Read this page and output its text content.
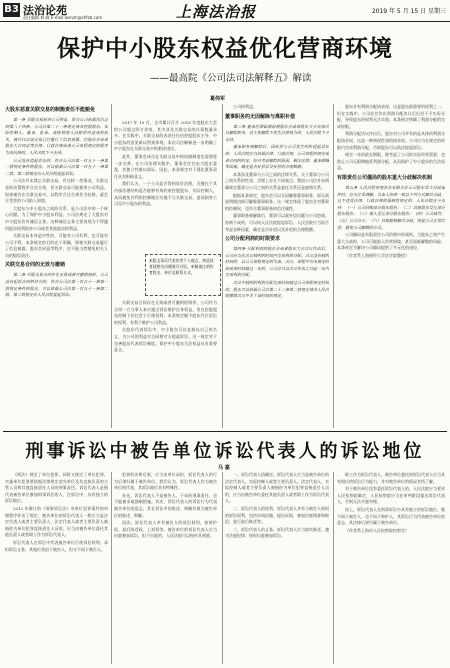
B3 法治论苑
责任编辑 林 嵘 E-mail:wenzh@shfzb.com	上海法治报	2019 年 5 月 15 日 星期三
保护中小股东权益优化营商环境
——最高院《公司法司法解释五》解读
葛伟军
大股东恶意关联交易的制衡责任不能豁免

第一条 关联交易损害公司利益，原告公司依据民法总则第八十四条、公司法第二十一条规定请求控股股东、实际控制人、董事、监事、高级管理人员赔偿所造成的损失，被告仅以该交易已经履行了信息披露、经股东会或者股东大会同意等法律、行政法规或者公司章程规定的程序为由抗辩的，人民法院不予支持。

公司没有提起诉讼的，符合公司法第一百五十一条第一款规定条件的股东，可以依据公司法第一百五十一条第二款、第三款规定向人民法院提起诉讼。

公司法并未禁止关联交易。有这样一类情况，关联交易的决策程序合法合规，但关联交易可能损害公司利益。如果被告在关联交易中，以程序合法合规作为抗辩，就会让受害的公司陷入困境。

大股东与中小股东之间的关系，是公司法中的一个核心问题。为了保护中小股东利益，公司法规定了大股东对中小股东负有诚信义务，这种诚信义务主要表现为不得滥用股东权利损害公司或者其他股东的利益。

关联交易本身是中性的，可能对公司有利，也可能对公司不利。本条规定的目的在于明确，即使关联交易履行了信息披露、股东会同意等程序，也不能当然豁免相关人员的赔偿责任。

关联交易合同的无效与撤销

第二条 关联交易合同存在无效或者可撤销情形，公司没有起诉合同相对方的，符合公司法第一百五十一条第一款规定条件的股东，可以依据公司法第一百五十一条第二款、第三款规定向人民法院提起诉讼。

2017 年 10 月，全市累计召开 2018 年度股东大会的公司超过四万余家，其中涉及关联交易的议案数量众多。在实践中，关联交易的表决往往由控股股东主导，中小股东的意见难以得到体现。本次司法解释进一步明确了中小股东在关联交易中的救济途径。

此外，董事会成员在关联交易中的回避制度也需要进一步完善。在公司治理实践中，董事会往往由大股东委派，其独立性难以保证。因此，本条规定对于强化董事责任具有积极意义。

我们认为，一个公司是否得到良好治理，关键在于其内部治理结构是否能够有效约束控股股东、实际控制人，从而避免其利用控制地位实施不当关联交易，进而损害公司及中小股东的利益。

本版文章仅代表作者个人观点，欢迎读者就相关问题展开讨论。来稿请注明作者姓名、单位及联系方式。

关联交易合同存在无效或者可撤销的情形，公司作为合同一方当事人本应通过诉讼维护自身权益，但在控股股东控制下往往怠于行使权利。本条规定赋予股东代位诉讼的权利，有利于维护公司利益。

在股东代表诉讼中，中小股东可以直接以自己的名义，为公司的利益对合同相对方提起诉讼。这一规定对于完善股东代表诉讼制度、保护中小股东合法权益具有重要意义。

公司的利益。

董事职务的无因解除与离职补偿

第三条 董事任期届满前被股东会或者股东大会有效决议解除职务，其主张解除不发生法律效力的，人民法院不予支持。

董事职务被解除后，因补偿与公司发生纠纷提起诉讼的，人民法院应当依据法律、行政法规、公司章程的规定或者合同的约定，综合考虑解除的原因、剩余任期、董事薪酬等因素，确定是否补偿以及补偿的合理数额。

本条涉及董事与公司之间的法律关系。关于董事与公司之间关系的性质，学理上存在不同观点。我国公司法并未明确规定董事与公司之间的关系是委任关系还是雇佣关系。

根据本条规定，股东会可以无因解除董事职务，即无需说明理由即可解除董事职务。这一规定体现了股东会对董事的控制权，也符合董事职务的信任属性。

董事职务被解除后，董事可以就补偿问题与公司协商，协商不成的，可以向人民法院提起诉讼。人民法院应当综合考虑各种因素，确定是否补偿以及补偿的合理数额。

公司分配利润的时限要求

第四条 分配利润的股东会或者股东大会决议作出后，公司应当在决议载明的时间内完成利润分配。决议没有载明时间的，以公司章程规定的为准。决议、章程中均未规定时间或者时间超过一年的，公司应当自决议作出之日起一年内完成利润分配。

决议中载明的利润分配完成时间超过公司章程规定时间的，股东可以依据公司法第二十二条第二款规定请求人民法院撤销决议中关于该时间的规定。

股东享有利润分配请求权，这是股东最重要的权利之一。但在实践中，公司往往作出利润分配决议后迟迟不予实际分配，导致股东的权利无法实现。本条规定明确了利润分配的完成时限。

利润分配决议作出后，股东对公司享有的是具体的利润分配请求权，这是一种债权性质的请求权。公司应当在规定的时限内完成利润分配，否则股东可以依法提起诉讼。

规定一年的最长期限，既考虑了公司的实际经营需要，也防止公司无限期拖延利润分配，从而保护了中小股东的合法权益。

有限责任公司僵局的股东重大分歧解决机制

第五条 人民法院审理涉及有限责任公司股东重大分歧案件时，应当注重调解。当事人协商一致以下列方式解决分歧，且不违反法律、行政法规的强制性规定的，人民法院应予支持：（一）公司回购部分股东股份；（二）其他股东受让部分股东股份；（三）他人受让部分股东股份；（四）公司减资；（五）公司分立；（六）其他能够解决分歧，恢复公司正常经营，避免公司解散的方式。

公司僵局是有限责任公司治理中的顽疾。当股东之间产生重大分歧时，公司可能陷入经营困境，甚至面临解散的风险。本条规定为解决公司僵局提供了多元化的途径。

（作者系上海财经大学法学院教授）

刑事诉讼中被告单位诉讼代表人的诉讼地位
马 嘉

《刑法》规定了单位犯罪，同时又规定了单位犯罪，实施单位犯罪要依据法律规定追究单位及其直接负责的主管人员和其他直接责任人员的刑事责任。诉讼代表人是指代表被告单位参加刑事诉讼的人，在诉讼中，具有独立的诉讼地位。

2012 年修订的《刑事诉讼法》对单位犯罪案件的审理程序作出了规定，被告单位的诉讼代表人一般应当是法定代表人或者主要负责人，法定代表人或者主要负责人被指控为单位犯罪直接责任人员的，应当由被告单位委托其他负责人或者职工作为诉讼代表人。

诉讼代表人在诉讼中代表被告单位行使诉讼权利、承担诉讼义务，其地位类似于被告人，但又不同于被告人。

犯罪的法律后果，应当由单位承担，诉讼代表人的行为后果归属于被告单位。我们认为，诉讼代表人作为被告单位的代表，其诉讼地位具有特殊性。

首先，诉讼代表人不是被告人，不承担刑事责任，也不能被采取强制措施。其次，诉讼代表人的诉讼行为代表被告单位的意志，其在诉讼中的陈述、辩解均视为被告单位的陈述、辩解。

再次，诉讼代表人享有被告人的诉讼权利，如辩护权、最后陈述权、上诉权等。被告单位的诉讼代表人应当出庭参加诉讼，拒不出庭的，人民法院可以拘传其到庭。

一、诉讼代表人的确定。诉讼代表人应当是被告单位的法定代表人、实际控制人或者主要负责人。法定代表人、实际控制人或者主要负责人被指控为单位犯罪直接责任人员的，应当由被告单位委托其他负责人或者职工作为诉讼代表人。

二、诉讼代表人的权利。诉讼代表人享有与被告人相同的诉讼权利，包括申请回避、提出证据、参加法庭调查和辩论、进行最后陈述等。

三、诉讼代表人的义务。诉讼代表人应当如实陈述、遵守法庭纪律，按时出庭参加诉讼。

职工作为诉讼代表人，被告单位委托的诉讼代表人应当具有相应的诉讼行为能力，并对被告单位的情况有所了解。

对于被告单位没有委托诉讼代表人的，人民法院应当要求人民检察院确定，人民检察院应当在审判阶段提出诉讼代表人，否则无法开庭审理。

综上，诉讼代表人在刑事诉讼中具有独立的诉讼地位，既不同于被告人，也不同于辩护人，其诉讼行为代表被告单位的意志，其法律后果归属于被告单位。

（作者系上海市人民检察院检察官）
